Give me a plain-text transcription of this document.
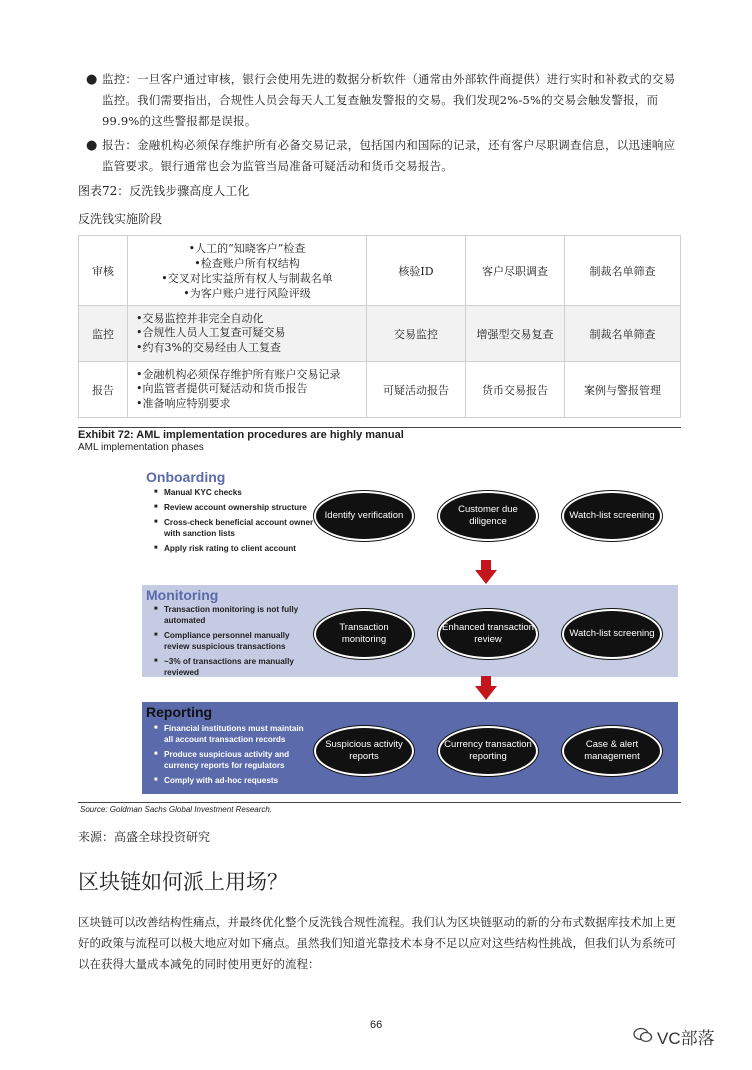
● 监控：一旦客户通过审核，银行会使用先进的数据分析软件（通常由外部软件商提供）进行实时和补救式的交易监控。我们需要指出，合规性人员会每天人工复查触发警报的交易。我们发现2%-5%的交易会触发警报，而99.9%的这些警报都是误报。
● 报告：金融机构必须保存维护所有必备交易记录，包括国内和国际的记录，还有客户尽职调查信息，以迅速响应监管要求。银行通常也会为监管当局准备可疑活动和货币交易报告。
图表72：反洗钱步骤高度人工化
反洗钱实施阶段
审核	•人工的“知晓客户”检查
•检查账户所有权结构
•交叉对比实益所有权人与制裁名单
•为客户账户进行风险评级	核验ID	客户尽职调查	制裁名单筛查
监控	•交易监控并非完全自动化
•合规性人员人工复查可疑交易
•约有3%的交易经由人工复查	交易监控	增强型交易复查	制裁名单筛查
报告	•金融机构必须保存维护所有账户交易记录
•向监管者提供可疑活动和货币报告
•准备响应特别要求	可疑活动报告	货币交易报告	案例与警报管理
Exhibit 72: AML implementation procedures are highly manual
AML implementation phases
Onboarding
■ Manual KYC checks
■ Review account ownership structure
■ Cross-check beneficial account owner with sanction lists
■ Apply risk rating to client account
Identify verification
Customer due diligence
Watch-list screening
Monitoring
■ Transaction monitoring is not fully automated
■ Compliance personnel manually review suspicious transactions
■ ~3% of transactions are manually reviewed
Transaction monitoring
Enhanced transaction review
Watch-list screening
Reporting
■ Financial institutions must maintain all account transaction records
■ Produce suspicious activity and currency reports for regulators
■ Comply with ad-hoc requests
Suspicious activity reports
Currency transaction reporting
Case & alert management
Source: Goldman Sachs Global Investment Research.
来源：高盛全球投资研究
区块链如何派上用场？
区块链可以改善结构性痛点，并最终优化整个反洗钱合规性流程。我们认为区块链驱动的新的分布式数据库技术加上更好的政策与流程可以极大地应对如下痛点。虽然我们知道光靠技术本身不足以应对这些结构性挑战，但我们认为系统可以在获得大量成本减免的同时使用更好的流程：
66
VC部落
